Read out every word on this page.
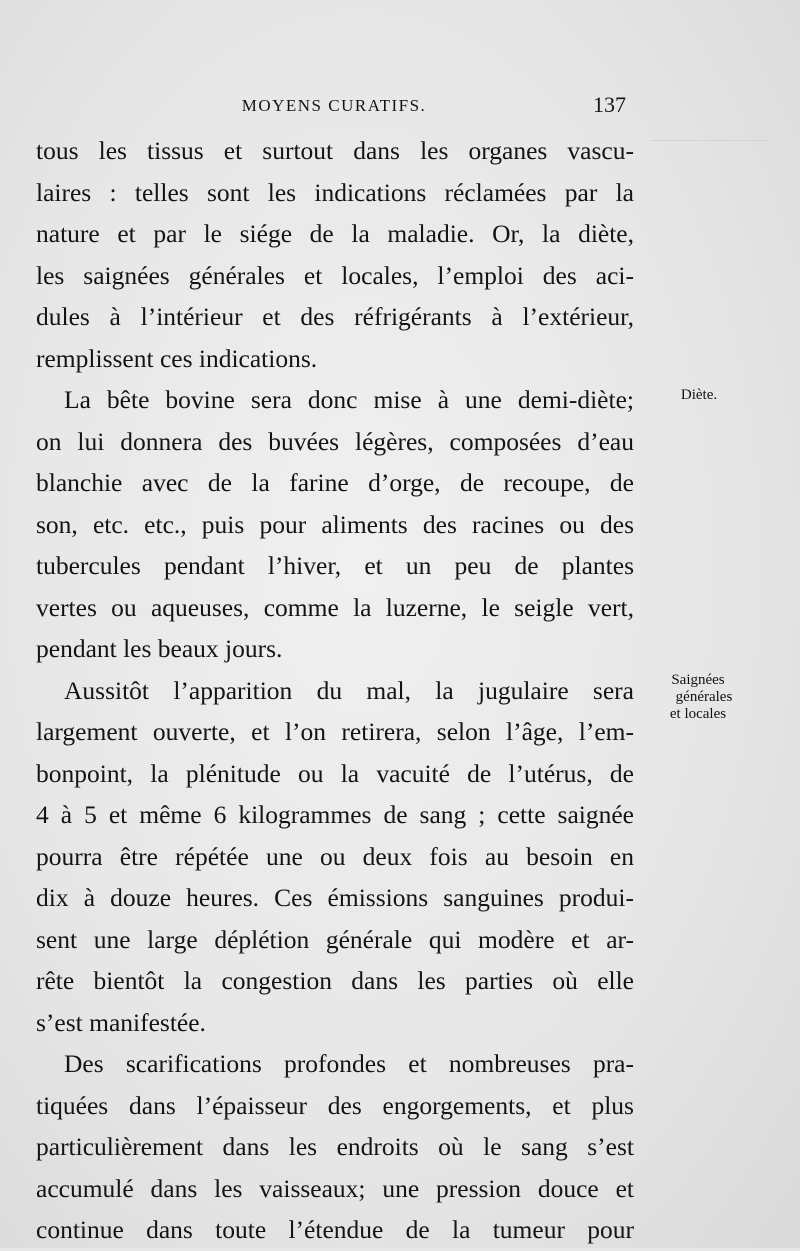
MOYENS CURATIFS.	137
tous les tissus et surtout dans les organes vascu-
laires : telles sont les indications réclamées par la
nature et par le siége de la maladie. Or, la diète,
les saignées générales et locales, l’emploi des aci-
dules à l’intérieur et des réfrigérants à l’extérieur,
remplissent ces indications.
La bête bovine sera donc mise à une demi-diète;
on lui donnera des buvées légères, composées d’eau
blanchie avec de la farine d’orge, de recoupe, de
son, etc. etc., puis pour aliments des racines ou des
tubercules pendant l’hiver, et un peu de plantes
vertes ou aqueuses, comme la luzerne, le seigle vert,
pendant les beaux jours.
Aussitôt l’apparition du mal, la jugulaire sera
largement ouverte, et l’on retirera, selon l’âge, l’em-
bonpoint, la plénitude ou la vacuité de l’utérus, de
4 à 5 et même 6 kilogrammes de sang ; cette saignée
pourra être répétée une ou deux fois au besoin en
dix à douze heures. Ces émissions sanguines produi-
sent une large déplétion générale qui modère et ar-
rête bientôt la congestion dans les parties où elle
s’est manifestée.
Des scarifications profondes et nombreuses pra-
tiquées dans l’épaisseur des engorgements, et plus
particulièrement dans les endroits où le sang s’est
accumulé dans les vaisseaux; une pression douce et
continue dans toute l’étendue de la tumeur pour
Diète.
Saignées
générales
et locales
